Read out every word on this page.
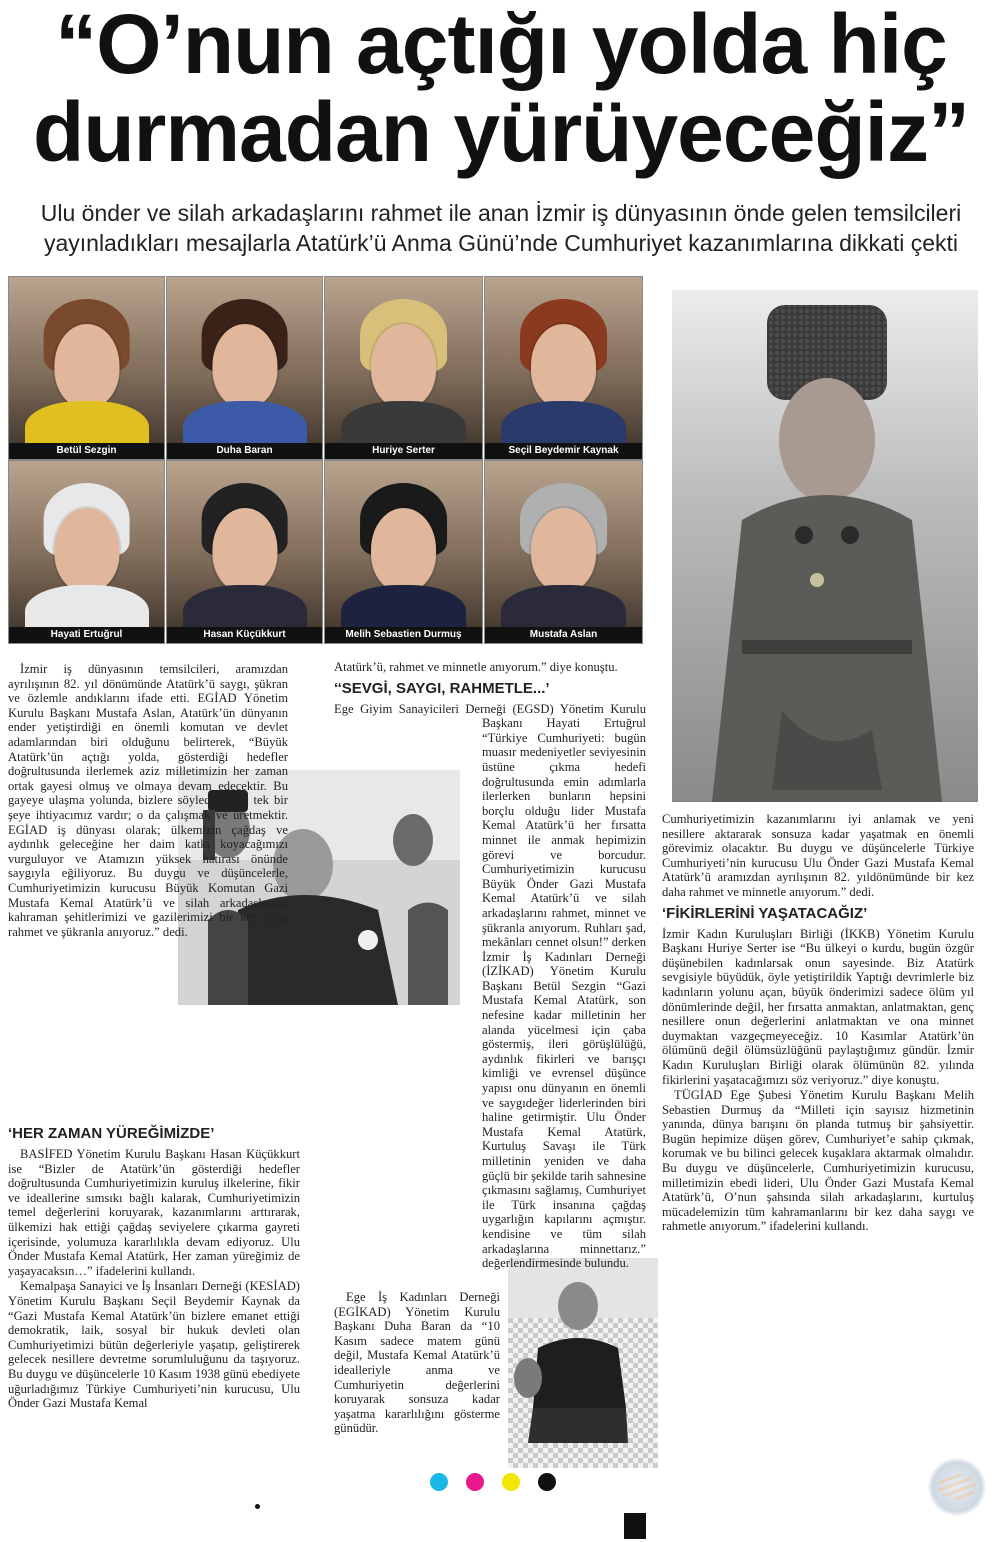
“O’nun açtığı yolda hiç
durmadan yürüyeceğiz”
Ulu önder ve silah arkadaşlarını rahmet ile anan İzmir iş dünyasının önde gelen temsilcileri
yayınladıkları mesajlarla Atatürk’ü Anma Günü’nde Cumhuriyet kazanımlarına dikkati çekti
Betül Sezgin	Duha Baran	Huriye Serter	Seçil Beydemir Kaynak
Hayati Ertuğrul	Hasan Küçükkurt	Melih Sebastien Durmuş	Mustafa Aslan

İzmir iş dünyasının temsilcileri, aramızdan ayrılışının 82. yıl dönümünde Atatürk’ü saygı, şükran ve özlemle andıklarını ifade etti. EGİAD Yönetim Kurulu Başkanı Mustafa Aslan, Atatürk’ün dünyanın ender yetiştirdiği en önemli komutan ve devlet adamlarından biri olduğunu belirterek, “Büyük Atatürk’ün açtığı yolda, gösterdiği hedefler doğrultusunda ilerlemek aziz milletimizin her zaman ortak gayesi olmuş ve olmaya devam edecektir. Bu gayeye ulaşma yolunda, bizlere söylediği gibi tek bir şeye ihtiyacımız vardır; o da çalışmak ve üretmektir. EGİAD iş dünyası olarak; ülkemizin çağdaş ve aydınlık geleceğine her daim katkı koyacağımızı vurguluyor ve Atamızın yüksek hatırası önünde saygıyla eğiliyoruz. Bu duygu ve düşüncelerle, Cumhuriyetimizin kurucusu Büyük Komutan Gazi Mustafa Kemal Atatürk’ü ve silah arkadaşlarını, kahraman şehitlerimizi ve gazilerimizi bir kez daha rahmet ve şükranla anıyoruz.” dedi.

‘HER ZAMAN YÜREĞİMİZDE’

BASİFED Yönetim Kurulu Başkanı Hasan Küçükkurt ise “Bizler de Atatürk’ün gösterdiği hedefler doğrultusunda Cumhuriyetimizin kuruluş ilkelerine, fikir ve ideallerine sımsıkı bağlı kalarak, Cumhuriyetimizin temel değerlerini koruyarak, kazanımlarını arttırarak, ülkemizi hak ettiği çağdaş seviyelere çıkarma gayreti içerisinde, yolumuza kararlılıkla devam ediyoruz. Ulu Önder Mustafa Kemal Atatürk, Her zaman yüreğimiz de yaşayacaksın…” ifadelerini kullandı.

Kemalpaşa Sanayici ve İş İnsanları Derneği (KESİAD) Yönetim Kurulu Başkanı Seçil Beydemir Kaynak da “Gazi Mustafa Kemal Atatürk’ün bizlere emanet ettiği demokratik, laik, sosyal bir hukuk devleti olan Cumhuriyetimizi bütün değerleriyle yaşatıp, geliştirerek gelecek nesillere devretme sorumluluğunu da taşıyoruz. Bu duygu ve düşüncelerle 10 Kasım 1938 günü ebediyete uğurladığımız Türkiye Cumhuriyeti’nin kurucusu, Ulu Önder Gazi Mustafa Kemal

Atatürk’ü, rahmet ve minnetle anıyorum.” diye konuştu.

‘‘SEVGİ, SAYGI, RAHMETLE...’

Ege Giyim Sanayicileri Derneği (EGSD) Yönetim Kurulu Başkanı Hayati Ertuğrul “Türkiye Cumhuriyeti: bugün muasır medeniyetler seviyesinin üstüne çıkma hedefi doğrultusunda emin adımlarla ilerlerken bunların hepsini borçlu olduğu lider Mustafa Kemal Atatürk’ü her fırsatta minnet ile anmak hepimizin görevi ve borcudur. Cumhuriyetimizin kurucusu Büyük Önder Gazi Mustafa Kemal Atatürk’ü ve silah arkadaşlarını rahmet, minnet ve şükranla anıyorum. Ruhları şad, mekânları cennet olsun!” derken İzmir İş Kadınları Derneği (İZİKAD) Yönetim Kurulu Başkanı Betül Sezgin “Gazi Mustafa Kemal Atatürk, son nefesine kadar milletinin her alanda yücelmesi için çaba göstermiş, ileri görüşlülüğü, aydınlık fikirleri ve barışçı kimliği ve evrensel düşünce yapısı onu dünyanın en önemli ve saygıdeğer liderlerinden biri haline getirmiştir. Ulu Önder Mustafa Kemal Atatürk, Kurtuluş Savaşı ile Türk milletinin yeniden ve daha güçlü bir şekilde tarih sahnesine çıkmasını sağlamış, Cumhuriyet ile Türk insanına çağdaş uygarlığın kapılarını açmıştır. kendisine ve tüm silah arkadaşlarına minnettarız.” değerlendirmesinde bulundu.

Ege İş Kadınları Derneği (EGİKAD) Yönetim Kurulu Başkanı Duha Baran da “10 Kasım sadece matem günü değil, Mustafa Kemal Atatürk’ü idealleriyle anma ve Cumhuriyetin değerlerini koruyarak sonsuza kadar yaşatma kararlılığını gösterme günüdür.

Cumhuriyetimizin kazanımlarını iyi anlamak ve yeni nesillere aktararak sonsuza kadar yaşatmak en önemli görevimiz olacaktır. Bu duygu ve düşüncelerle Türkiye Cumhuriyeti’nin kurucusu Ulu Önder Gazi Mustafa Kemal Atatürk’ü aramızdan ayrılışının 82. yıldönümünde bir kez daha rahmet ve minnetle anıyorum.” dedi.

‘FİKİRLERİNİ YAŞATACAĞIZ’

İzmir Kadın Kuruluşları Birliği (İKKB) Yönetim Kurulu Başkanı Huriye Serter ise “Bu ülkeyi o kurdu, bugün özgür düşünebilen kadınlarsak onun sayesinde. Biz Atatürk sevgisiyle büyüdük, öyle yetiştirildik Yaptığı devrimlerle biz kadınların yolunu açan, büyük önderimizi sadece ölüm yıl dönümlerinde değil, her fırsatta anmaktan, anlatmaktan, genç nesillere onun değerlerini anlatmaktan ve ona minnet duymaktan vazgeçmeyeceğiz. 10 Kasımlar Atatürk’ün ölümünü değil ölümsüzlüğünü paylaştığımız gündür. İzmir Kadın Kuruluşları Birliği olarak ölümünün 82. yılında fikirlerini yaşatacağımızı söz veriyoruz.” diye konuştu.

TÜGİAD Ege Şubesi Yönetim Kurulu Başkanı Melih Sebastien Durmuş da “Milleti için sayısız hizmetinin yanında, dünya barışını ön planda tutmuş bir şahsiyettir. Bugün hepimize düşen görev, Cumhuriyet’e sahip çıkmak, korumak ve bu bilinci gelecek kuşaklara aktarmak olmalıdır. Bu duygu ve düşüncelerle, Cumhuriyetimizin kurucusu, milletimizin ebedi lideri, Ulu Önder Gazi Mustafa Kemal Atatürk’ü, O’nun şahsında silah arkadaşlarını, kurtuluş mücadelemizin tüm kahramanlarını bir kez daha saygı ve rahmetle anıyorum.” ifadelerini kullandı.
